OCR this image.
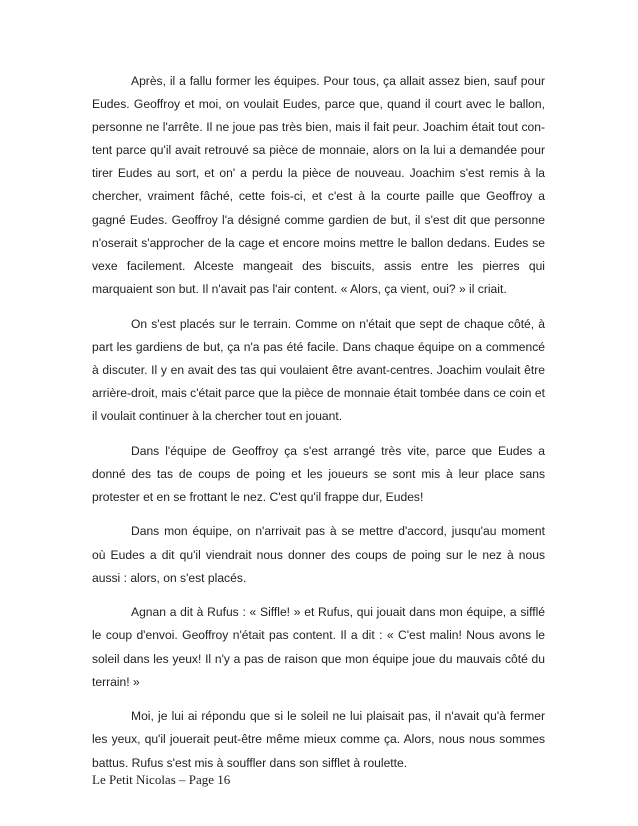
Après, il a fallu former les équipes. Pour tous, ça allait assez bien, sauf pour Eudes. Geoffroy et moi, on voulait Eudes, parce que, quand il court avec le ballon, personne ne l'arrête. Il ne joue pas très bien, mais il fait peur. Joachim était tout con-tent parce qu'il avait retrouvé sa pièce de monnaie, alors on la lui a demandée pour tirer Eudes au sort, et on' a perdu la pièce de nouveau. Joachim s'est remis à la chercher, vraiment fâché, cette fois-ci, et c'est à la courte paille que Geoffroy a gagné Eudes. Geoffroy l'a désigné comme gardien de but, il s'est dit que personne n'oserait s'approcher de la cage et encore moins mettre le ballon dedans. Eudes se vexe facilement. Alceste mangeait des biscuits, assis entre les pierres qui marquaient son but. Il n'avait pas l'air content. « Alors, ça vient, oui? » il criait.

On s'est placés sur le terrain. Comme on n'était que sept de chaque côté, à part les gardiens de but, ça n'a pas été facile. Dans chaque équipe on a commencé à discuter. Il y en avait des tas qui voulaient être avant-centres. Joachim voulait être arrière-droit, mais c'était parce que la pièce de monnaie était tombée dans ce coin et il voulait continuer à la chercher tout en jouant.

Dans l'équipe de Geoffroy ça s'est arrangé très vite, parce que Eudes a donné des tas de coups de poing et les joueurs se sont mis à leur place sans protester et en se frottant le nez. C'est qu'il frappe dur, Eudes!

Dans mon équipe, on n'arrivait pas à se mettre d'accord, jusqu'au moment où Eudes a dit qu'il viendrait nous donner des coups de poing sur le nez à nous aussi : alors, on s'est placés.

Agnan a dit à Rufus : « Siffle! » et Rufus, qui jouait dans mon équipe, a sifflé le coup d'envoi. Geoffroy n'était pas content. Il a dit : « C'est malin! Nous avons le soleil dans les yeux! Il n'y a pas de raison que mon équipe joue du mauvais côté du terrain! »

Moi, je lui ai répondu que si le soleil ne lui plaisait pas, il n'avait qu'à fermer les yeux, qu'il jouerait peut-être même mieux comme ça. Alors, nous nous sommes battus. Rufus s'est mis à souffler dans son sifflet à roulette.

Le Petit Nicolas – Page 16
